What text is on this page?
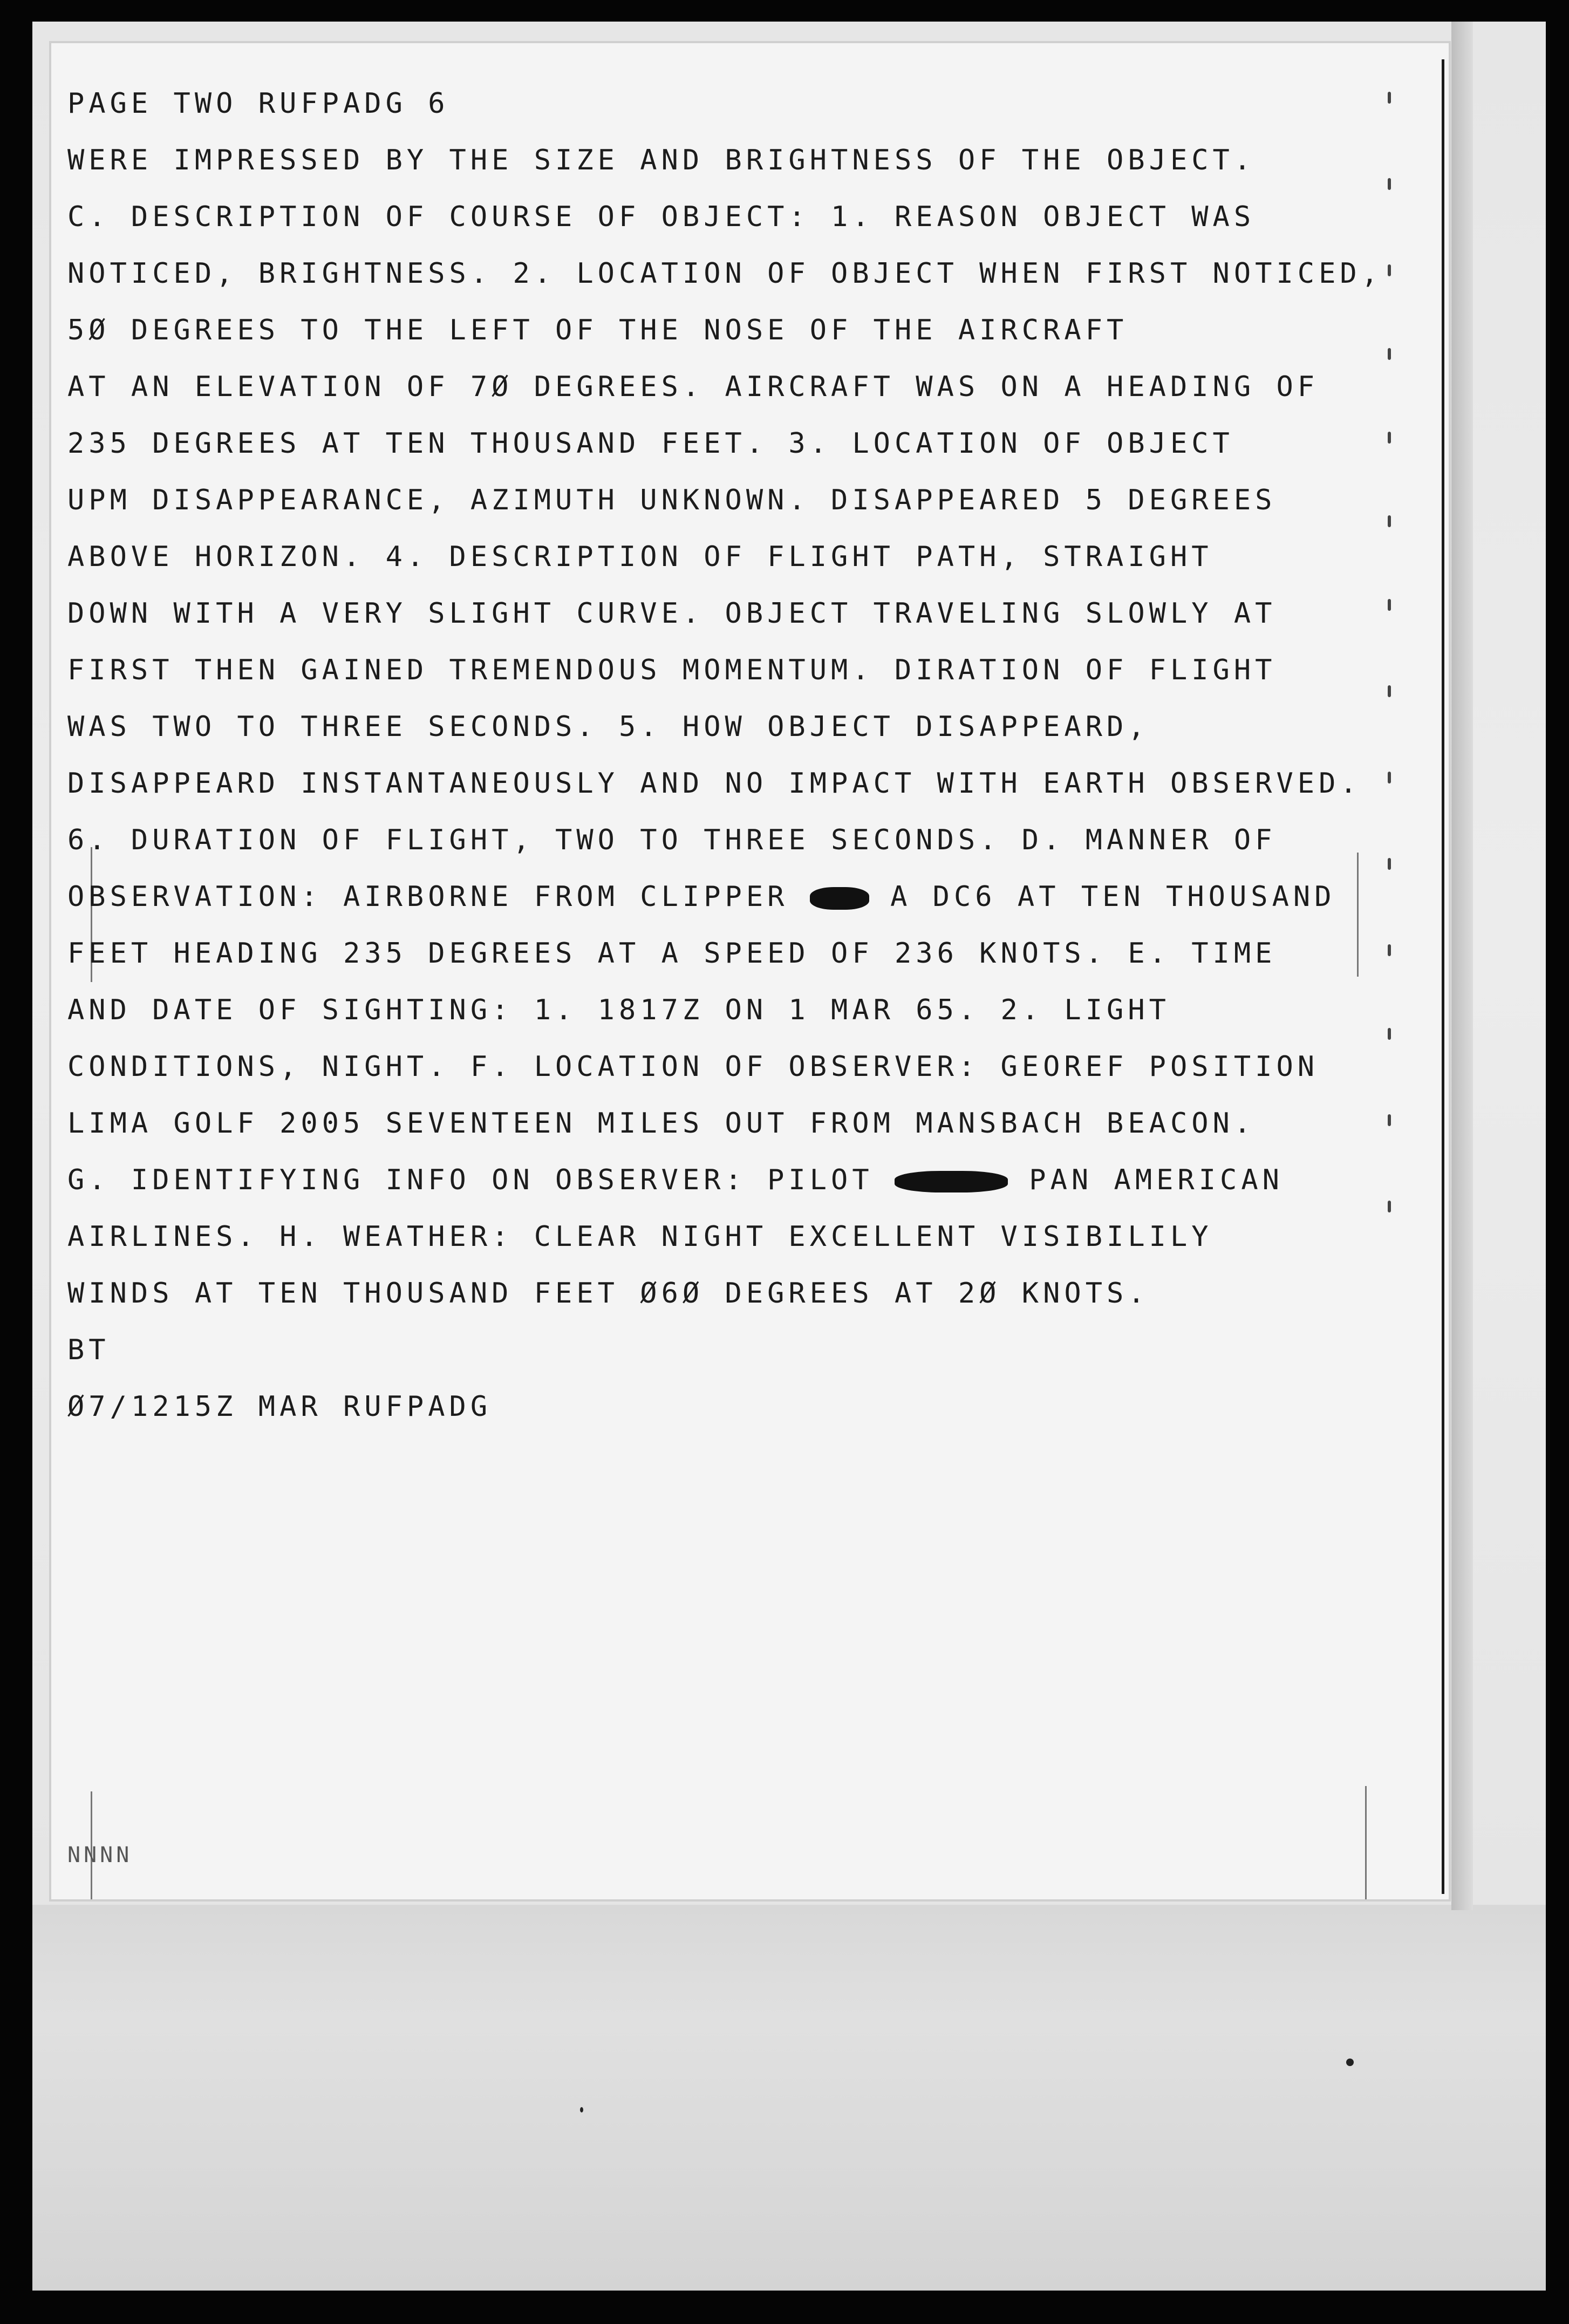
PAGE TWO RUFPADG 6
WERE IMPRESSED BY THE SIZE AND BRIGHTNESS OF THE OBJECT.
C. DESCRIPTION OF COURSE OF OBJECT: 1. REASON OBJECT WAS
NOTICED, BRIGHTNESS. 2. LOCATION OF OBJECT WHEN FIRST NOTICED,
5Ø DEGREES TO THE LEFT OF THE NOSE OF THE AIRCRAFT
AT AN ELEVATION OF 7Ø DEGREES. AIRCRAFT WAS ON A HEADING OF
235 DEGREES AT TEN THOUSAND FEET. 3. LOCATION OF OBJECT
UPM DISAPPEARANCE, AZIMUTH UNKNOWN. DISAPPEARED 5 DEGREES
ABOVE HORIZON. 4. DESCRIPTION OF FLIGHT PATH, STRAIGHT
DOWN WITH A VERY SLIGHT CURVE. OBJECT TRAVELING SLOWLY AT
FIRST THEN GAINED TREMENDOUS MOMENTUM. DIRATION OF FLIGHT
WAS TWO TO THREE SECONDS. 5. HOW OBJECT DISAPPEARD,
DISAPPEARD INSTANTANEOUSLY AND NO IMPACT WITH EARTH OBSERVED.
6. DURATION OF FLIGHT, TWO TO THREE SECONDS. D. MANNER OF
OBSERVATION: AIRBORNE FROM CLIPPER	A DC6 AT TEN THOUSAND
FEET HEADING 235 DEGREES AT A SPEED OF 236 KNOTS. E. TIME
AND DATE OF SIGHTING: 1. 1817Z ON 1 MAR 65. 2. LIGHT
CONDITIONS, NIGHT. F. LOCATION OF OBSERVER: GEOREF POSITION
LIMA GOLF 2005 SEVENTEEN MILES OUT FROM MANSBACH BEACON.
G. IDENTIFYING INFO ON OBSERVER: PILOT	PAN AMERICAN
AIRLINES. H. WEATHER: CLEAR NIGHT EXCELLENT VISIBILILY
WINDS AT TEN THOUSAND FEET Ø6Ø DEGREES AT 2Ø KNOTS.
BT
Ø7/1215Z MAR RUFPADG
NNNN
